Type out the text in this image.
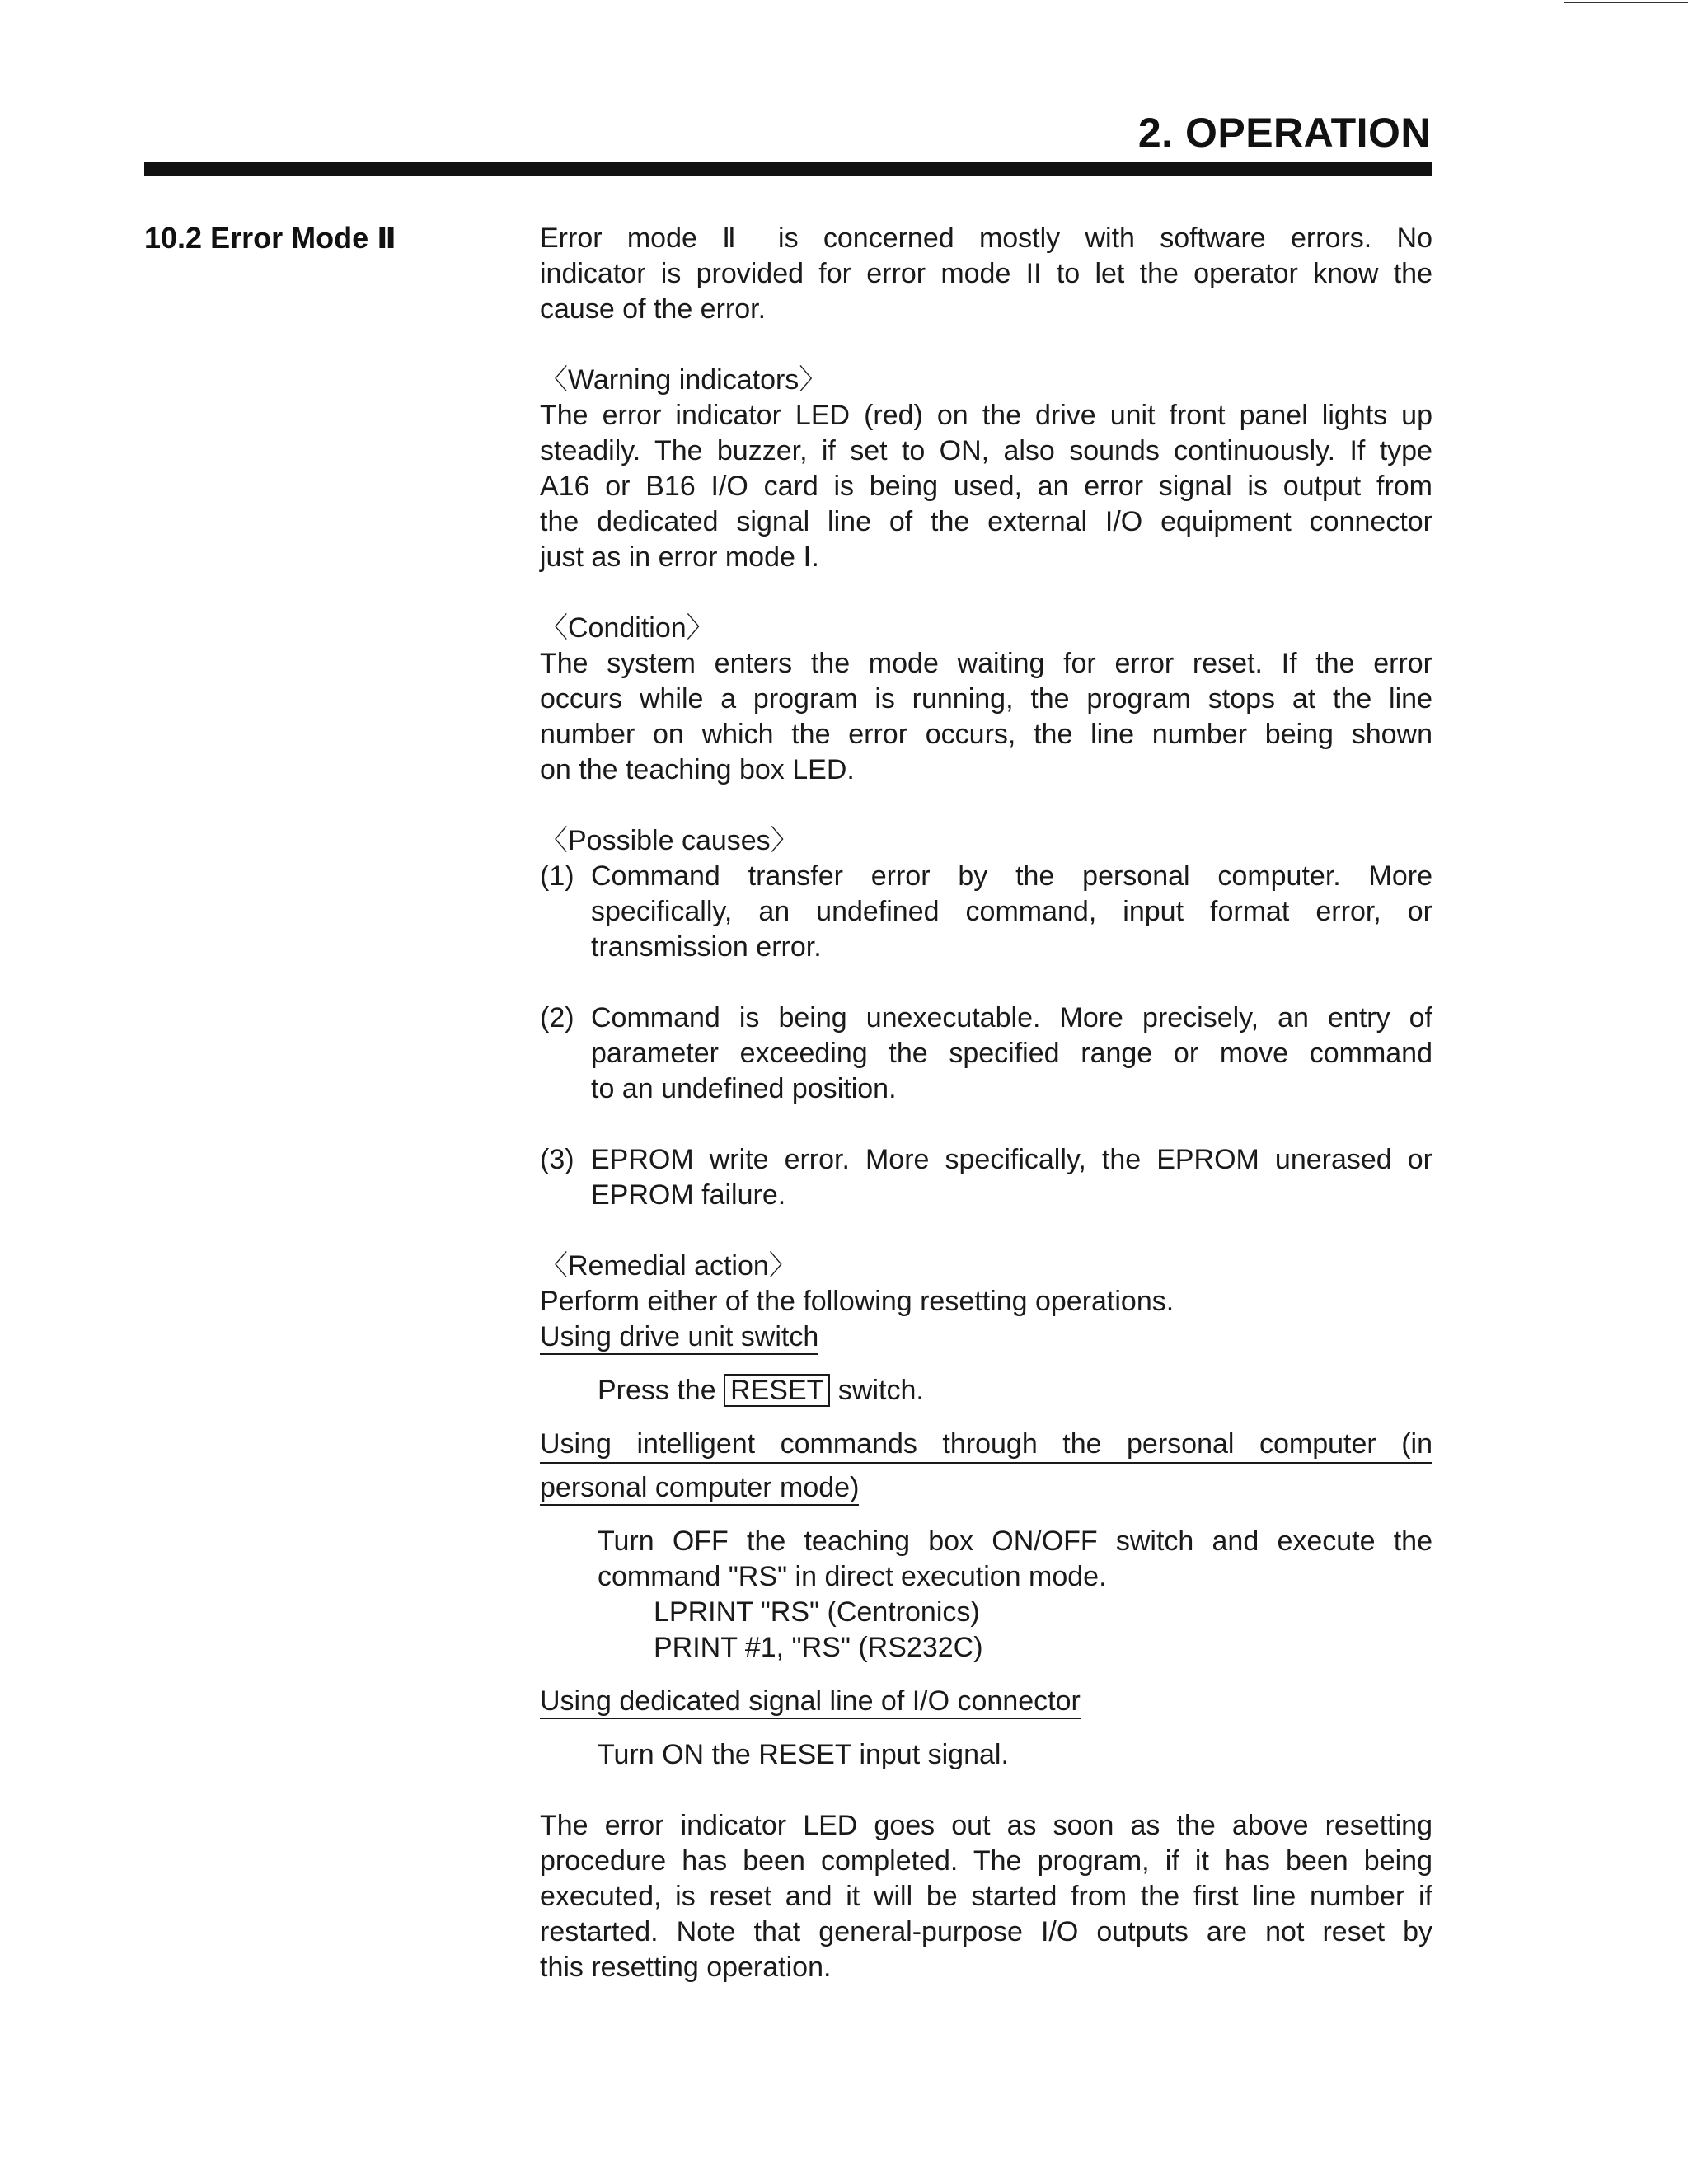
2. OPERATION
10.2 Error Mode Ⅱ	Error mode Ⅱ is concerned mostly with software errors. No

indicator is provided for error mode II to let the operator know the

cause of the error.

〈Warning indicators〉

The error indicator LED (red) on the drive unit front panel lights up

steadily. The buzzer, if set to ON, also sounds continuously. If type

A16 or B16 I/O card is being used, an error signal is output from

the dedicated signal line of the external I/O equipment connector

just as in error mode Ⅰ.

〈Condition〉

The system enters the mode waiting for error reset. If the error

occurs while a program is running, the program stops at the line

number on which the error occurs, the line number being shown

on the teaching box LED.

〈Possible causes〉

(1) Command transfer error by the personal computer. More

specifically, an undefined command, input format error, or

transmission error.

(2) Command is being unexecutable. More precisely, an entry of

parameter exceeding the specified range or move command

to an undefined position.

(3) EPROM write error. More specifically, the EPROM unerased or

EPROM failure.

〈Remedial action〉

Perform either of the following resetting operations.

Using drive unit switch

Press the RESET switch.

Using intelligent commands through the personal computer (in

personal computer mode)

Turn OFF the teaching box ON/OFF switch and execute the

command "RS" in direct execution mode.

LPRINT "RS" (Centronics)

PRINT #1, "RS" (RS232C)

Using dedicated signal line of I/O connector

Turn ON the RESET input signal.

The error indicator LED goes out as soon as the above resetting

procedure has been completed. The program, if it has been being

executed, is reset and it will be started from the first line number if

restarted. Note that general-purpose I/O outputs are not reset by

this resetting operation.
